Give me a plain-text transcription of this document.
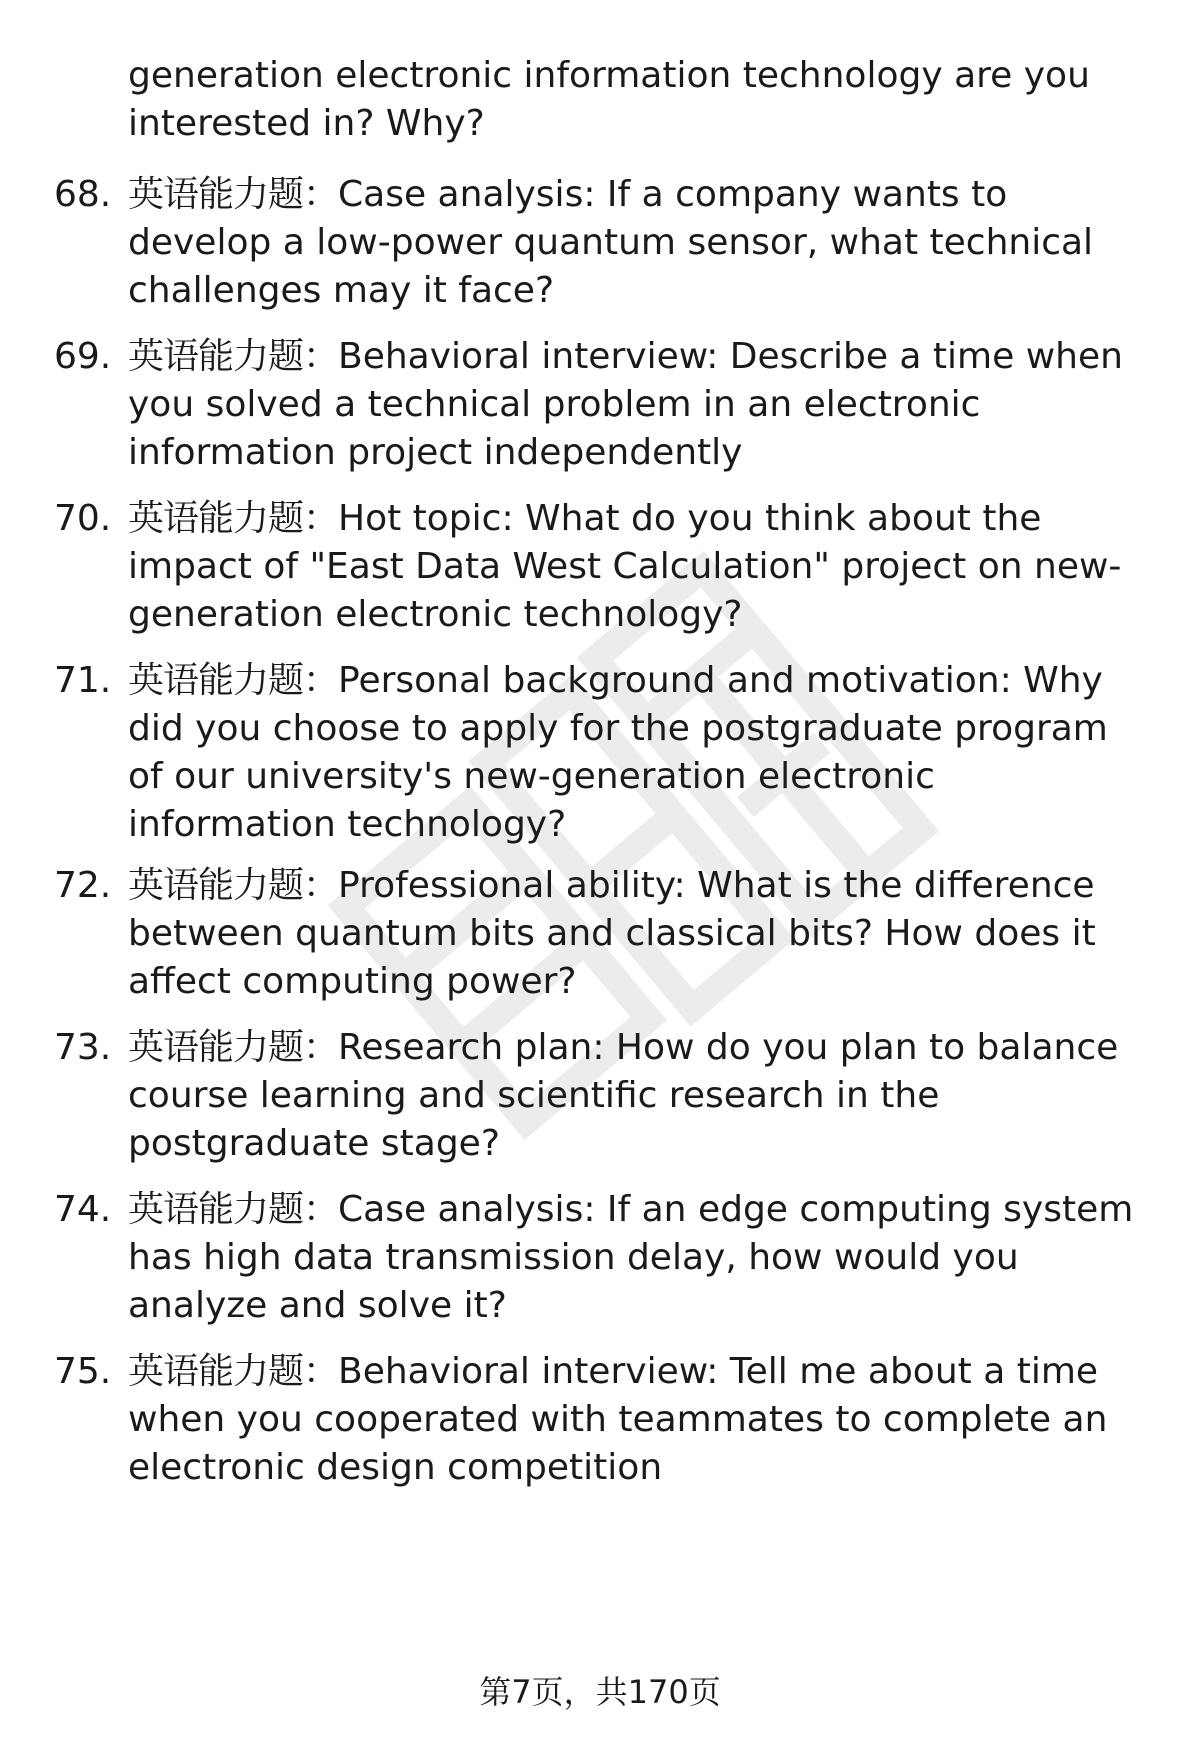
generation electronic information technology are you interested in? Why?
68. 英语能力题：Case analysis: If a company wants to develop a low-power quantum sensor, what technical challenges may it face?
69. 英语能力题：Behavioral interview: Describe a time when you solved a technical problem in an electronic information project independently
70. 英语能力题：Hot topic: What do you think about the impact of "East Data West Calculation" project on new-generation electronic technology?
71. 英语能力题：Personal background and motivation: Why did you choose to apply for the postgraduate program of our university's new-generation electronic information technology?
72. 英语能力题：Professional ability: What is the difference between quantum bits and classical bits? How does it affect computing power?
73. 英语能力题：Research plan: How do you plan to balance course learning and scientific research in the postgraduate stage?
74. 英语能力题：Case analysis: If an edge computing system has high data transmission delay, how would you analyze and solve it?
75. 英语能力题：Behavioral interview: Tell me about a time when you cooperated with teammates to complete an electronic design competition
第7页，共170页
